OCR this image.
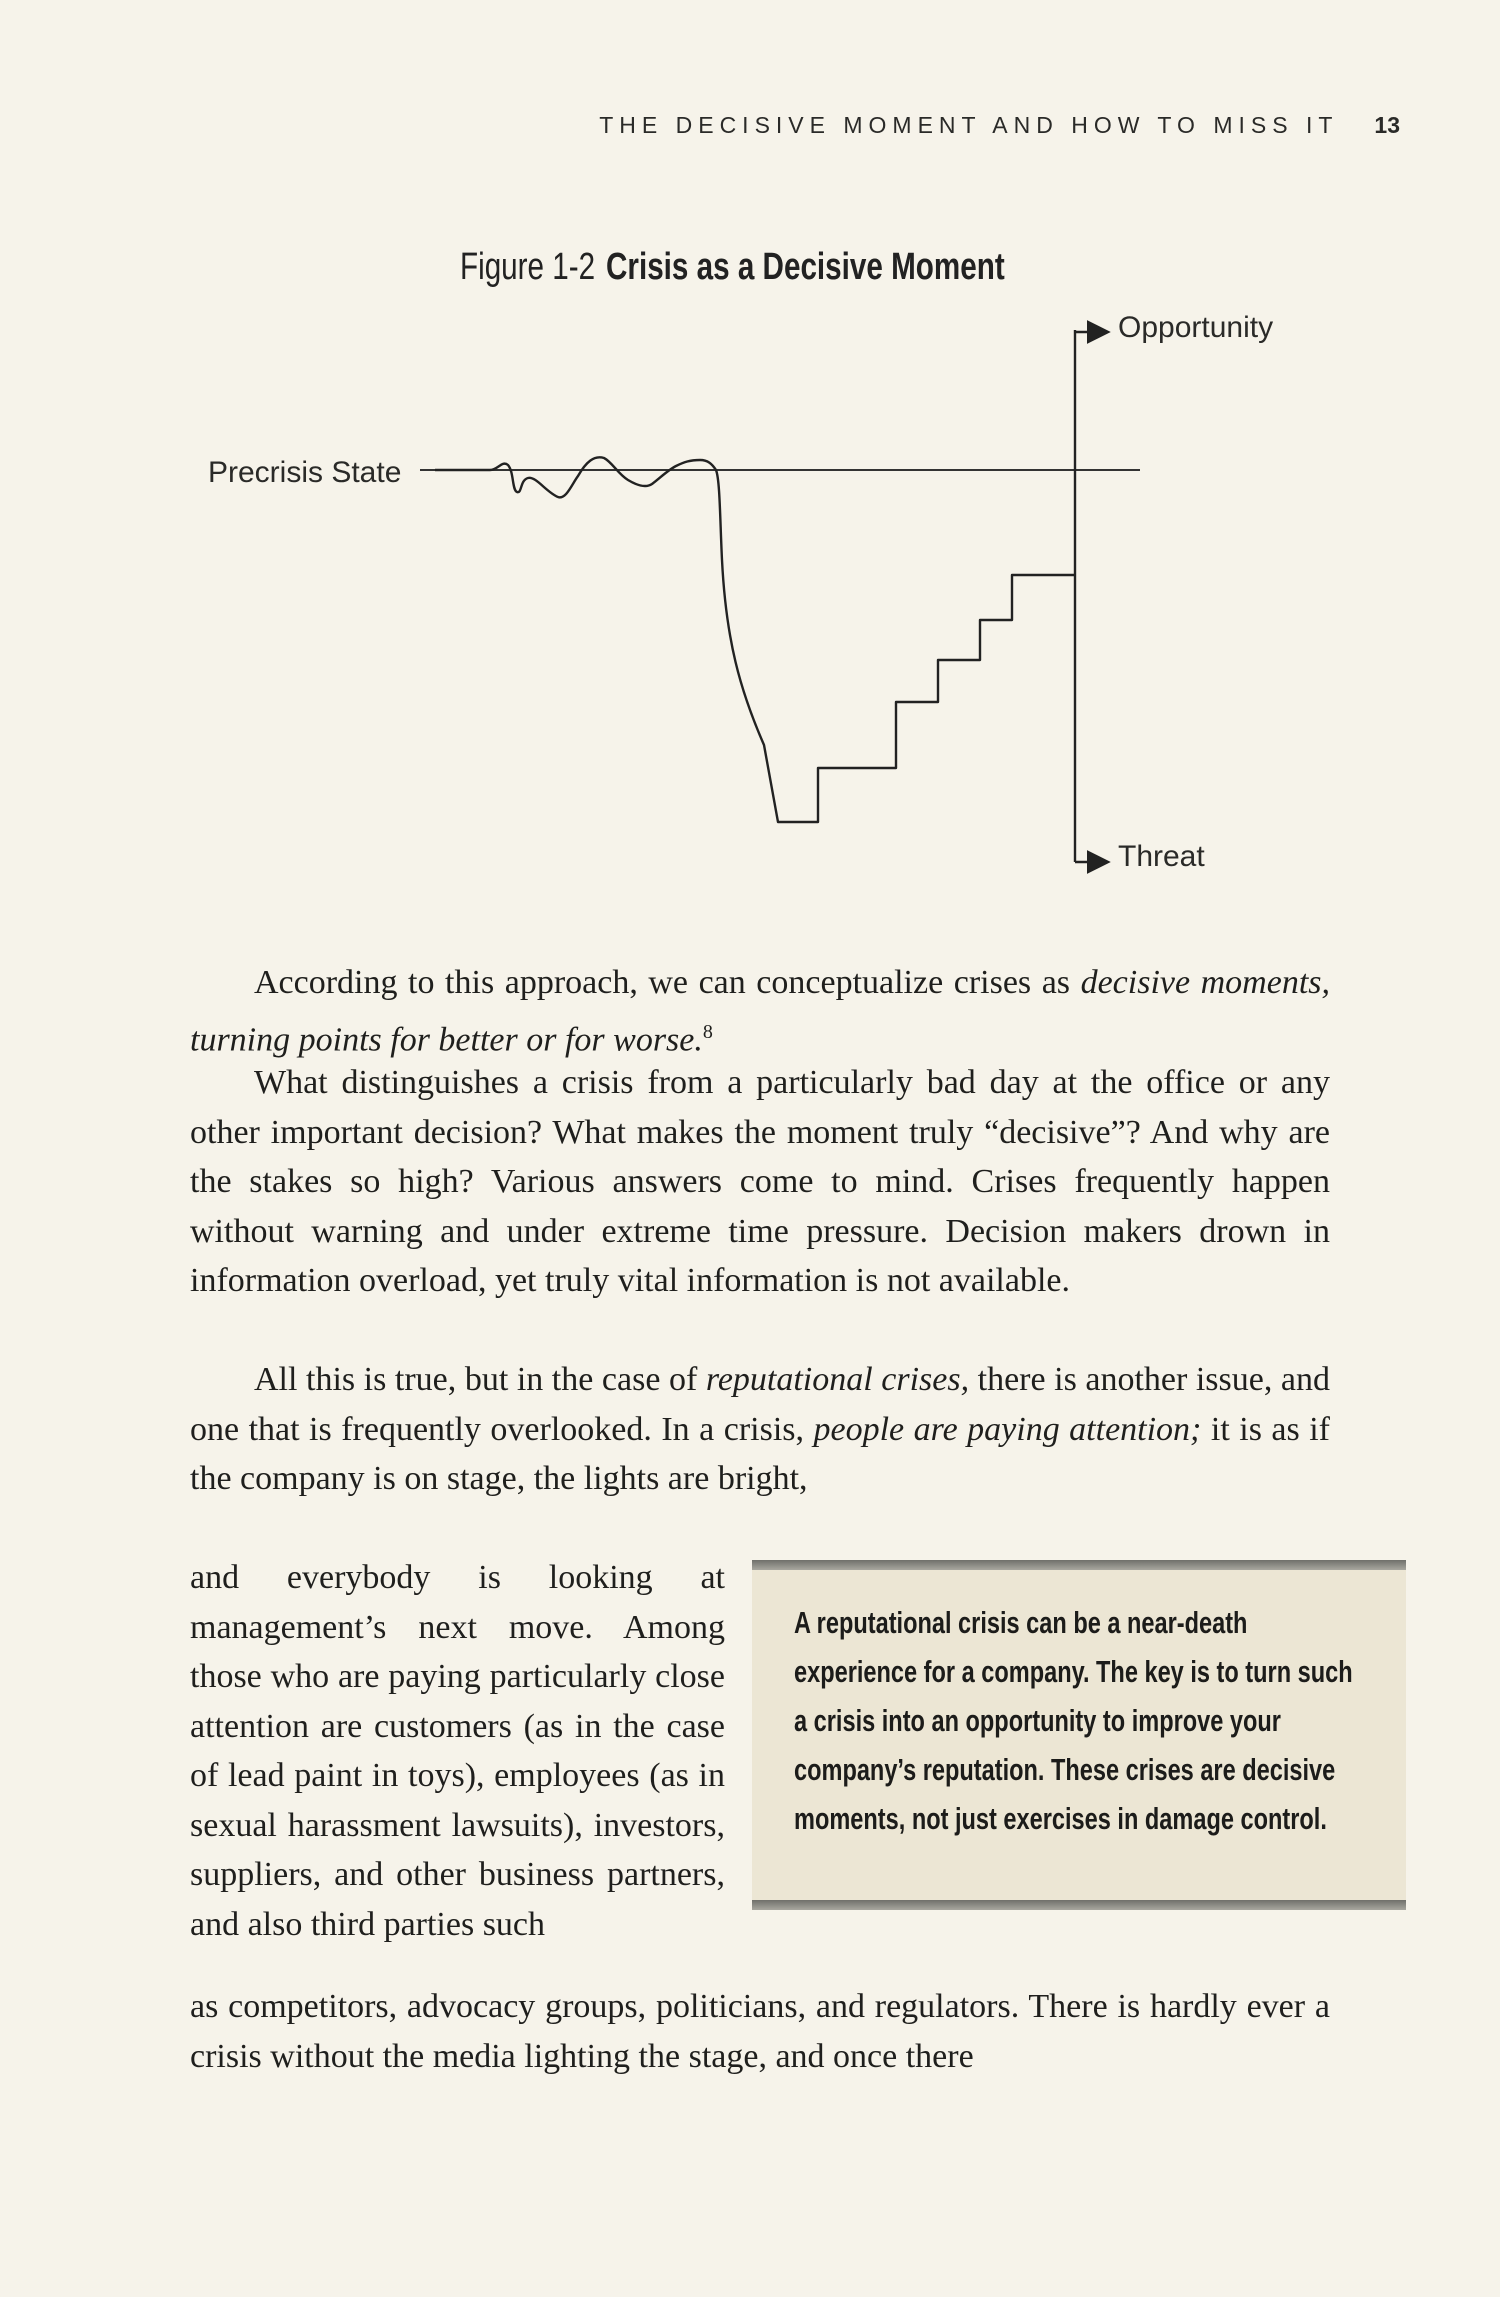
THE DECISIVE MOMENT AND HOW TO MISS IT 13
Figure 1-2 Crisis as a Decisive Moment
Precrisis State
Opportunity
Threat

According to this approach, we can conceptualize crises as decisive moments, turning points for better or for worse.$^8$

What distinguishes a crisis from a particularly bad day at the office or any other important decision? What makes the moment truly “decisive”? And why are the stakes so high? Various answers come to mind. Crises frequently happen without warning and under extreme time pressure. Decision makers drown in information overload, yet truly vital information is not available.

All this is true, but in the case of reputational crises, there is another issue, and one that is frequently overlooked. In a crisis, people are paying attention; it is as if the company is on stage, the lights are bright,

and everybody is looking at management’s next move. Among those who are paying particularly close attention are customers (as in the case of lead paint in toys), employees (as in sexual harassment lawsuits), investors, suppliers, and other business partners, and also third parties such

as competitors, advocacy groups, politicians, and regulators. There is hardly ever a crisis without the media lighting the stage, and once there

A reputational crisis can be a near-death experience for a company. The key is to turn such a crisis into an opportunity to improve your company’s reputation. These crises are decisive moments, not just exercises in damage control.
